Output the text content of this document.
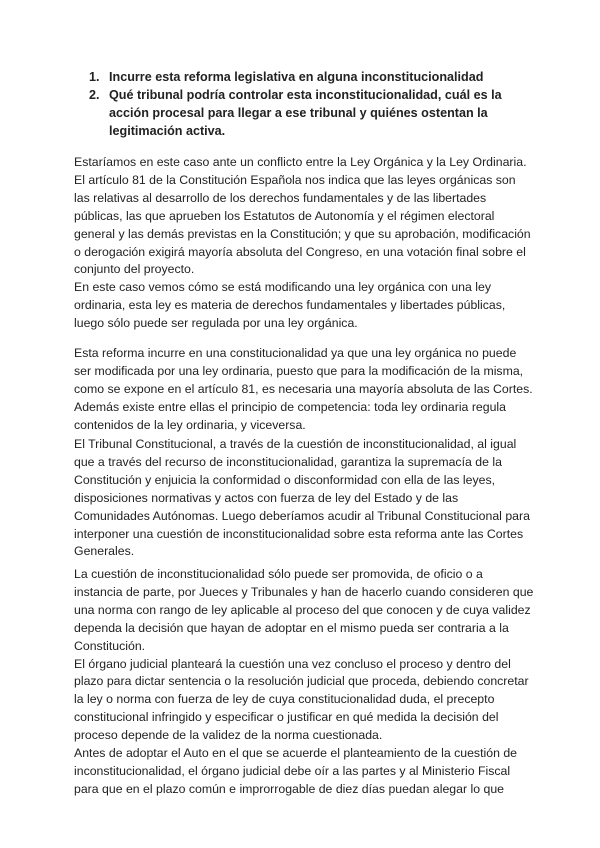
1. Incurre esta reforma legislativa en alguna inconstitucionalidad
2. Qué tribunal podría controlar esta inconstitucionalidad, cuál es la acción procesal para llegar a ese tribunal y quiénes ostentan la legitimación activa.

Estaríamos en este caso ante un conflicto entre la Ley Orgánica y la Ley Ordinaria. El artículo 81 de la Constitución Española nos indica que las leyes orgánicas son las relativas al desarrollo de los derechos fundamentales y de las libertades públicas, las que aprueben los Estatutos de Autonomía y el régimen electoral general y las demás previstas en la Constitución; y que su aprobación, modificación o derogación exigirá mayoría absoluta del Congreso, en una votación final sobre el conjunto del proyecto.

En este caso vemos cómo se está modificando una ley orgánica con una ley ordinaria, esta ley es materia de derechos fundamentales y libertades públicas, luego sólo puede ser regulada por una ley orgánica.

Esta reforma incurre en una constitucionalidad ya que una ley orgánica no puede ser modificada por una ley ordinaria, puesto que para la modificación de la misma, como se expone en el artículo 81, es necesaria una mayoría absoluta de las Cortes. Además existe entre ellas el principio de competencia: toda ley ordinaria regula contenidos de la ley ordinaria, y viceversa.

El Tribunal Constitucional, a través de la cuestión de inconstitucionalidad, al igual que a través del recurso de inconstitucionalidad, garantiza la supremacía de la Constitución y enjuicia la conformidad o disconformidad con ella de las leyes, disposiciones normativas y actos con fuerza de ley del Estado y de las Comunidades Autónomas. Luego deberíamos acudir al Tribunal Constitucional para interponer una cuestión de inconstitucionalidad sobre esta reforma ante las Cortes Generales.

La cuestión de inconstitucionalidad sólo puede ser promovida, de oficio o a instancia de parte, por Jueces y Tribunales y han de hacerlo cuando consideren que una norma con rango de ley aplicable al proceso del que conocen y de cuya validez dependa la decisión que hayan de adoptar en el mismo pueda ser contraria a la Constitución.

El órgano judicial planteará la cuestión una vez concluso el proceso y dentro del plazo para dictar sentencia o la resolución judicial que proceda, debiendo concretar la ley o norma con fuerza de ley de cuya constitucionalidad duda, el precepto constitucional infringido y especificar o justificar en qué medida la decisión del proceso depende de la validez de la norma cuestionada.

Antes de adoptar el Auto en el que se acuerde el planteamiento de la cuestión de inconstitucionalidad, el órgano judicial debe oír a las partes y al Ministerio Fiscal para que en el plazo común e improrrogable de diez días puedan alegar lo que
